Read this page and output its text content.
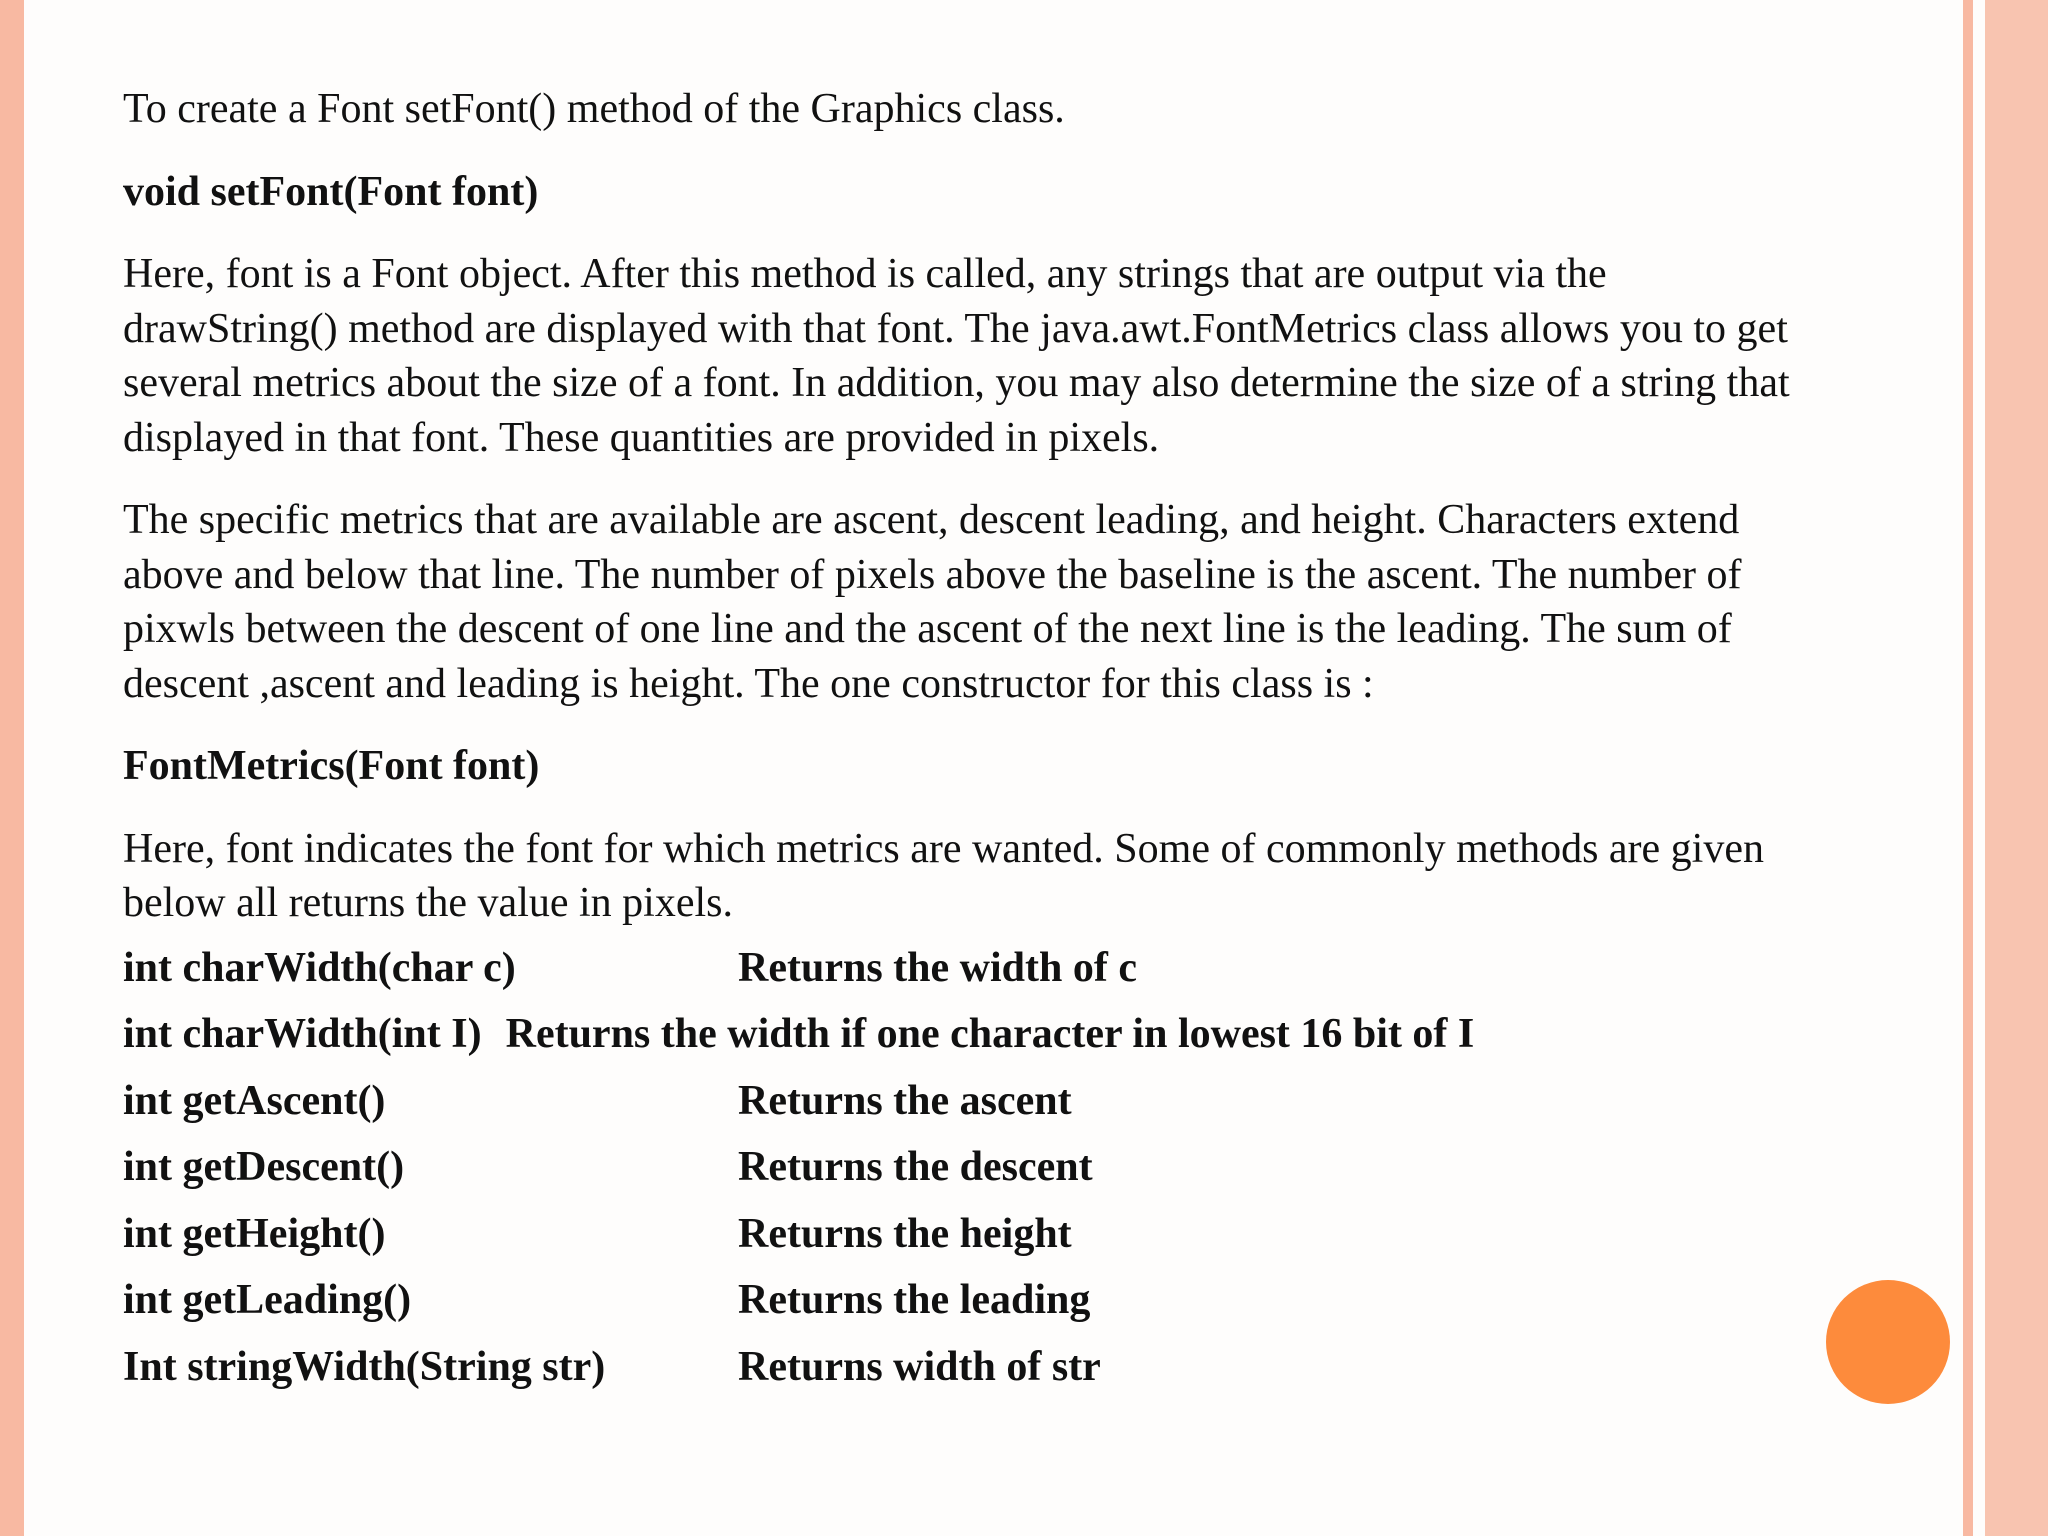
To create a Font setFont() method of the Graphics class.
void setFont(Font font)
Here, font is a Font object. After this method is called, any strings that are output via the
drawString() method are displayed with that font. The java.awt.FontMetrics class allows you to get
several metrics about the size of a font. In addition, you may also determine the size of a string that
displayed in that font. These quantities are provided in pixels.
The specific metrics that are available are ascent, descent leading, and height. Characters extend
above and below that line. The number of pixels above the baseline is the ascent. The number of
pixwls between the descent of one line and the ascent of the next line is the leading. The sum of
descent ,ascent and leading is height. The one constructor for this class is :
FontMetrics(Font font)
Here, font indicates the font for which metrics are wanted. Some of commonly methods are given
below all returns the value in pixels.
int charWidth(char c)	Returns the width of c
int charWidth(int I) Returns the width if one character in lowest 16 bit of I
int getAscent()	Returns the ascent
int getDescent()	Returns the descent
int getHeight()	Returns the height
int getLeading()	Returns the leading
Int stringWidth(String str)	Returns width of str
